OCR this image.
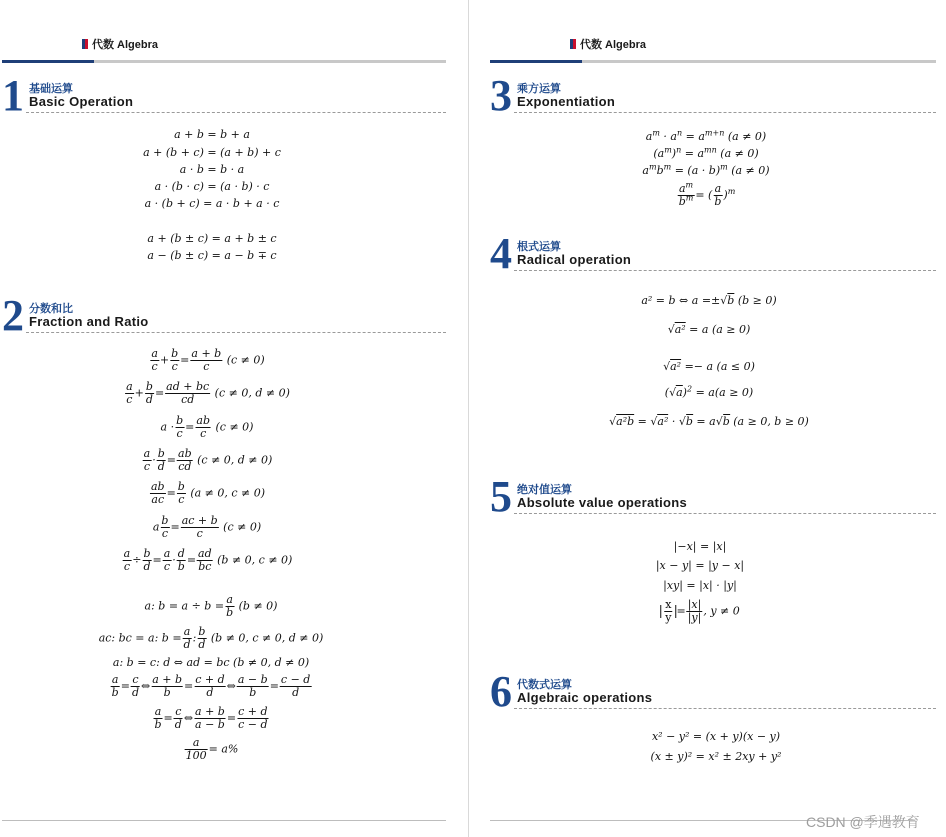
代数 Algebra
1 基础运算
Basic Operation
a + b = b + a
a + (b + c) = (a + b) + c
a · b = b · a
a · (b · c) = (a · b) · c
a · (b + c) = a · b + a · c
a + (b ± c) = a + b ± c
a − (b ± c) = a − b ∓ c
2 分数和比
Fraction and Ratio
$\frac{a}{c} + \frac{b}{c} = \frac{a + b}{c} (c \ne 0)$
$\frac{a}{c} + \frac{b}{d} = \frac{ad + bc}{cd} (c \ne 0$, d ≠ 0)
$a \cdot \frac{b}{c} = \frac{ab}{c} (c \ne 0)$
$\frac{a}{c} \cdot \frac{b}{d} = \frac{ab}{cd} (c \ne 0$, d ≠ 0)
$\frac{ab}{ac} = \frac{b}{c} (a \ne 0$, c ≠ 0)
a $\frac{b}{c} = \frac{ac + b}{c} (c \ne 0)$
$\frac{a}{c} \div \frac{b}{d} = \frac{a}{c} \cdot \frac{d}{b} = \frac{ad}{bc} (b \ne 0$, c ≠ 0)
a: $b = a \div b = \frac{a}{b} (b \ne 0)$
ac: bc = a: $b = \frac{a}{d}$ : $\frac{b}{d} (b \ne 0$, c ≠ 0, d ≠ 0)
a: b = c: d ⇔ ad = bc (b ≠ 0, d ≠ 0)
$\frac{a}{b} = \frac{c}{d}$ ⇔ $\frac{a + b}{b} = \frac{c + d}{d}$ ⇔ $\frac{a - b}{b} = \frac{c - d}{d}$
$\frac{a}{b} = \frac{c}{d}$ ⇔ $\frac{a + b}{a - b} = \frac{c + d}{c - d}$
$\frac{a}{100} = a\%$
代数 Algebra
3 乘方运算
Exponentiation
$a^m \cdot a^n = a^{m+n}$ (a ≠ 0)
$(a^m)^n = a^{mn}$ (a ≠ 0)
$a^mb^m = (a \cdot b)^m$ (a ≠ 0)
$\frac{a^m}{b^m}$ = ( $\frac{a}{b} )^m$
4 根式运算
Radical operation
a² = b ⇔ a =±√b (b ≥ 0)
√a² = a (a ≥ 0)
√a² =− a (a ≤ 0)
$(√a)^2 = a(a \ge 0)$
√a²b = √a² · √b = a√b (a ≥ 0, b ≥ 0)
5 绝对值运算
Absolute value operations
|−x| = |x|
|x − y| = |y − x|
|xy| = |x| · |y|
$\frac{x}{y} = \frac{|x|}{|y|}$ , y ≠ 0
6 代数式运算
Algebraic operations
x² − y² = (x + y)(x − y)
(x ± y)² = x² ± 2xy + y²
CSDN @季遇教育
